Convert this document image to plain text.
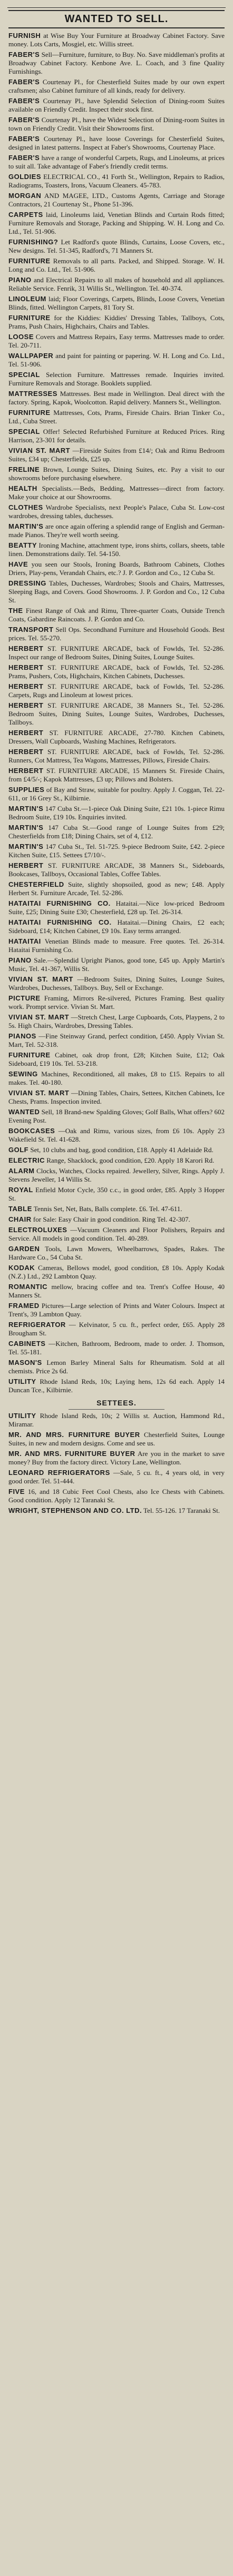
WANTED TO SELL.
FURNISH at Wise Buy Your Furniture at Broadway Cabinet Factory. Save money. Lots Carts, Mosgiel, etc. Willis street.
FABER'S Sell—Furniture, furniture, to Buy. No. Save middleman's profits at Broadway Cabinet Factory. Kenbone Ave. L. Coach, and 3 fine Quality Furnishings.
FABER'S Courtenay Pl., for Chesterfield Suites made by our own expert craftsmen; also Cabinet furniture of all kinds, ready for delivery.
FABER'S Courtenay Pl., have Splendid Selection of Dining-room Suites available on Friendly Credit. Inspect their stock first.
FABER'S Courtenay Pl., have the Widest Selection of Dining-room Suites in town on Friendly Credit. Visit their Showrooms first.
FABER'S Courtenay Pl., have loose Coverings for Chesterfield Suites, designed in latest patterns. Inspect at Faber's Showrooms, Courtenay Place.
FABER'S have a range of wonderful Carpets, Rugs, and Linoleums, at prices to suit all. Take advantage of Faber's friendly credit terms.
GOLDIES ELECTRICAL CO., 41 Forth St., Wellington, Repairs to Radios, Radiograms, Toasters, Irons, Vacuum Cleaners. 45-783.
MORGAN AND MAGEE, LTD., Customs Agents, Carriage and Storage Contractors, 21 Courtenay St., Phone 51-396.
CARPETS laid, Linoleums laid, Venetian Blinds and Curtain Rods fitted; Furniture Removals and Storage, Packing and Shipping. W. H. Long and Co. Ltd., Tel. 51-906.
FURNISHING? Let Radford's quote Blinds, Curtains, Loose Covers, etc., New designs. Tel. 51-345, Radford's, 71 Manners St.
FURNITURE Removals to all parts. Packed, and Shipped. Storage. W. H. Long and Co. Ltd., Tel. 51-906.
PIANO and Electrical Repairs to all makes of household and all appliances. Reliable Service. Fenrik, 31 Willis St., Wellington. Tel. 40-374.
LINOLEUM laid; Floor Coverings, Carpets, Blinds, Loose Covers, Venetian Blinds, fitted. Wellington Carpets, 81 Tory St.
FURNITURE for the Kiddies: Kiddies' Dressing Tables, Tallboys, Cots, Prams, Push Chairs, Highchairs, Chairs and Tables.
LOOSE Covers and Mattress Repairs, Easy terms. Mattresses made to order. Tel. 20-711.
WALLPAPER and paint for painting or papering. W. H. Long and Co. Ltd., Tel. 51-906.
SPECIAL Selection Furniture. Mattresses remade. Inquiries invited. Furniture Removals and Storage. Booklets supplied.
MATTRESSES Mattresses. Best made in Wellington. Deal direct with the factory. Spring, Kapok, Woolcotton. Rapid delivery. Manners St., Wellington.
FURNITURE Mattresses, Cots, Prams, Fireside Chairs. Brian Tinker Co., Ltd., Cuba Street.
SPECIAL Offer! Selected Refurbished Furniture at Reduced Prices. Ring Harrison, 23-301 for details.
VIVIAN ST. MART —Fireside Suites from £14/; Oak and Rimu Bedroom Suites, £34 up; Chesterfields, £25 up.
FRELINE Brown, Lounge Suites, Dining Suites, etc. Pay a visit to our showrooms before purchasing elsewhere.
HEALTH Specialists.—Beds, Bedding, Mattresses—direct from factory. Make your choice at our Showrooms.
CLOTHES Wardrobe Specialists, next People's Palace, Cuba St. Low-cost wardrobes, dressing tables, duchesses.
MARTIN'S are once again offering a splendid range of English and German-made Pianos. They're well worth seeing.
BEATTY Ironing Machine, attachment type, irons shirts, collars, sheets, table linen. Demonstrations daily. Tel. 54-150.
HAVE you seen our Stools, Ironing Boards, Bathroom Cabinets, Clothes Driers, Play-pens, Verandah Chairs, etc.? J. P. Gordon and Co., 12 Cuba St.
DRESSING Tables, Duchesses, Wardrobes; Stools and Chairs, Mattresses, Sleeping Bags, and Covers. Good Showrooms. J. P. Gordon and Co., 12 Cuba St.
THE Finest Range of Oak and Rimu, Three-quarter Coats, Outside Trench Coats, Gabardine Raincoats. J. P. Gordon and Co.
TRANSPORT Sell Ops. Secondhand Furniture and Household Goods. Best prices. Tel. 55-270.
HERBERT ST. FURNITURE ARCADE, back of Fowlds, Tel. 52-286. Inspect our range of Bedroom Suites, Dining Suites, Lounge Suites.
HERBERT ST. FURNITURE ARCADE, back of Fowlds, Tel. 52-286. Prams, Pushers, Cots, Highchairs, Kitchen Cabinets, Duchesses.
HERBERT ST. FURNITURE ARCADE, back of Fowlds, Tel. 52-286. Carpets, Rugs and Linoleum at lowest prices.
HERBERT ST. FURNITURE ARCADE, 38 Manners St., Tel. 52-286. Bedroom Suites, Dining Suites, Lounge Suites, Wardrobes, Duchesses, Tallboys.
HERBERT ST. FURNITURE ARCADE, 27-780. Kitchen Cabinets, Dressers, Wall Cupboards, Washing Machines, Refrigerators.
HERBERT ST. FURNITURE ARCADE, back of Fowlds, Tel. 52-286. Runners, Cot Mattress, Tea Wagons, Mattresses, Pillows, Fireside Chairs.
HERBERT ST. FURNITURE ARCADE, 15 Manners St. Fireside Chairs, from £4/5/-; Kapok Mattresses, £3 up; Pillows and Bolsters.
SUPPLIES of Bay and Straw, suitable for poultry. Apply J. Coggan, Tel. 22-611, or 16 Grey St., Kilbirnie.
MARTIN'S 147 Cuba St.—1-piece Oak Dining Suite, £21 10s. 1-piece Rimu Bedroom Suite, £19 10s. Enquiries invited.
MARTIN'S 147 Cuba St.—Good range of Lounge Suites from £29; Chesterfields from £18; Dining Chairs, set of 4, £12.
MARTIN'S 147 Cuba St., Tel. 51-725. 9-piece Bedroom Suite, £42. 2-piece Kitchen Suite, £15. Settees £7/10/-.
HERBERT ST. FURNITURE ARCADE, 38 Manners St., Sideboards, Bookcases, Tallboys, Occasional Tables, Coffee Tables.
CHESTERFIELD Suite, slightly shopsoiled, good as new; £48. Apply Herbert St. Furniture Arcade, Tel. 52-286.
HATAITAI FURNISHING CO. Hataitai.—Nice low-priced Bedroom Suite, £25; Dining Suite £30; Chesterfield, £28 up. Tel. 26-314.
HATAITAI FURNISHING CO. Hataitai.—Dining Chairs, £2 each; Sideboard, £14; Kitchen Cabinet, £9 10s. Easy terms arranged.
HATAITAI Venetian Blinds made to measure. Free quotes. Tel. 26-314. Hataitai Furnishing Co.
PIANO Sale.—Splendid Upright Pianos, good tone, £45 up. Apply Martin's Music, Tel. 41-367, Willis St.
VIVIAN ST. MART —Bedroom Suites, Dining Suites, Lounge Suites, Wardrobes, Duchesses, Tallboys. Buy, Sell or Exchange.
PICTURE Framing, Mirrors Re-silvered, Pictures Framing. Best quality work. Prompt service. Vivian St. Mart.
VIVIAN ST. MART —Stretch Chest, Large Cupboards, Cots, Playpens, 2 to 5s. High Chairs, Wardrobes, Dressing Tables.
PIANOS —Fine Steinway Grand, perfect condition, £450. Apply Vivian St. Mart, Tel. 52-318.
FURNITURE Cabinet, oak drop front, £28; Kitchen Suite, £12; Oak Sideboard, £19 10s. Tel. 53-218.
SEWING Machines, Reconditioned, all makes, £8 to £15. Repairs to all makes. Tel. 40-180.
VIVIAN ST. MART —Dining Tables, Chairs, Settees, Kitchen Cabinets, Ice Chests, Prams. Inspection invited.
WANTED Sell, 18 Brand-new Spalding Gloves; Golf Balls, What offers? 602 Evening Post.
BOOKCASES —Oak and Rimu, various sizes, from £6 10s. Apply 23 Wakefield St. Tel. 41-628.
GOLF Set, 10 clubs and bag, good condition, £18. Apply 41 Adelaide Rd.
ELECTRIC Range, Shacklock, good condition, £20. Apply 18 Karori Rd.
ALARM Clocks, Watches, Clocks repaired. Jewellery, Silver, Rings. Apply J. Stevens Jeweller, 14 Willis St.
ROYAL Enfield Motor Cycle, 350 c.c., in good order, £85. Apply 3 Hopper St.
TABLE Tennis Set, Net, Bats, Balls complete. £6. Tel. 47-611.
CHAIR for Sale: Easy Chair in good condition. Ring Tel. 42-307.
ELECTROLUXES —Vacuum Cleaners and Floor Polishers, Repairs and Service. All models in good condition. Tel. 40-289.
GARDEN Tools, Lawn Mowers, Wheelbarrows, Spades, Rakes. The Hardware Co., 54 Cuba St.
KODAK Cameras, Bellows model, good condition, £8 10s. Apply Kodak (N.Z.) Ltd., 292 Lambton Quay.
ROMANTIC mellow, bracing coffee and tea. Trent's Coffee House, 40 Manners St.
FRAMED Pictures—Large selection of Prints and Water Colours. Inspect at Trent's, 39 Lambton Quay.
REFRIGERATOR — Kelvinator, 5 cu. ft., perfect order, £65. Apply 28 Brougham St.
CABINETS —Kitchen, Bathroom, Bedroom, made to order. J. Thomson, Tel. 55-181.
MASON'S Lemon Barley Mineral Salts for Rheumatism. Sold at all chemists. Price 2s 6d.
UTILITY Rhode Island Reds, 10s; Laying hens, 12s 6d each. Apply 14 Duncan Tce., Kilbirnie.
SETTEES.
UTILITY Rhode Island Reds, 10s; 2 Willis st. Auction, Hammond Rd., Miramar.
MR. AND MRS. FURNITURE BUYER Chesterfield Suites, Lounge Suites, in new and modern designs. Come and see us.
MR. AND MRS. FURNITURE BUYER Are you in the market to save money? Buy from the factory direct. Victory Lane, Wellington.
LEONARD REFRIGERATORS —Sale, 5 cu. ft., 4 years old, in very good order. Tel. 51-444.
FIVE 16, and 18 Cubic Feet Cool Chests, also Ice Chests with Cabinets. Good condition. Apply 12 Taranaki St.
WRIGHT, STEPHENSON AND CO. LTD. Tel. 55-126. 17 Taranaki St.
